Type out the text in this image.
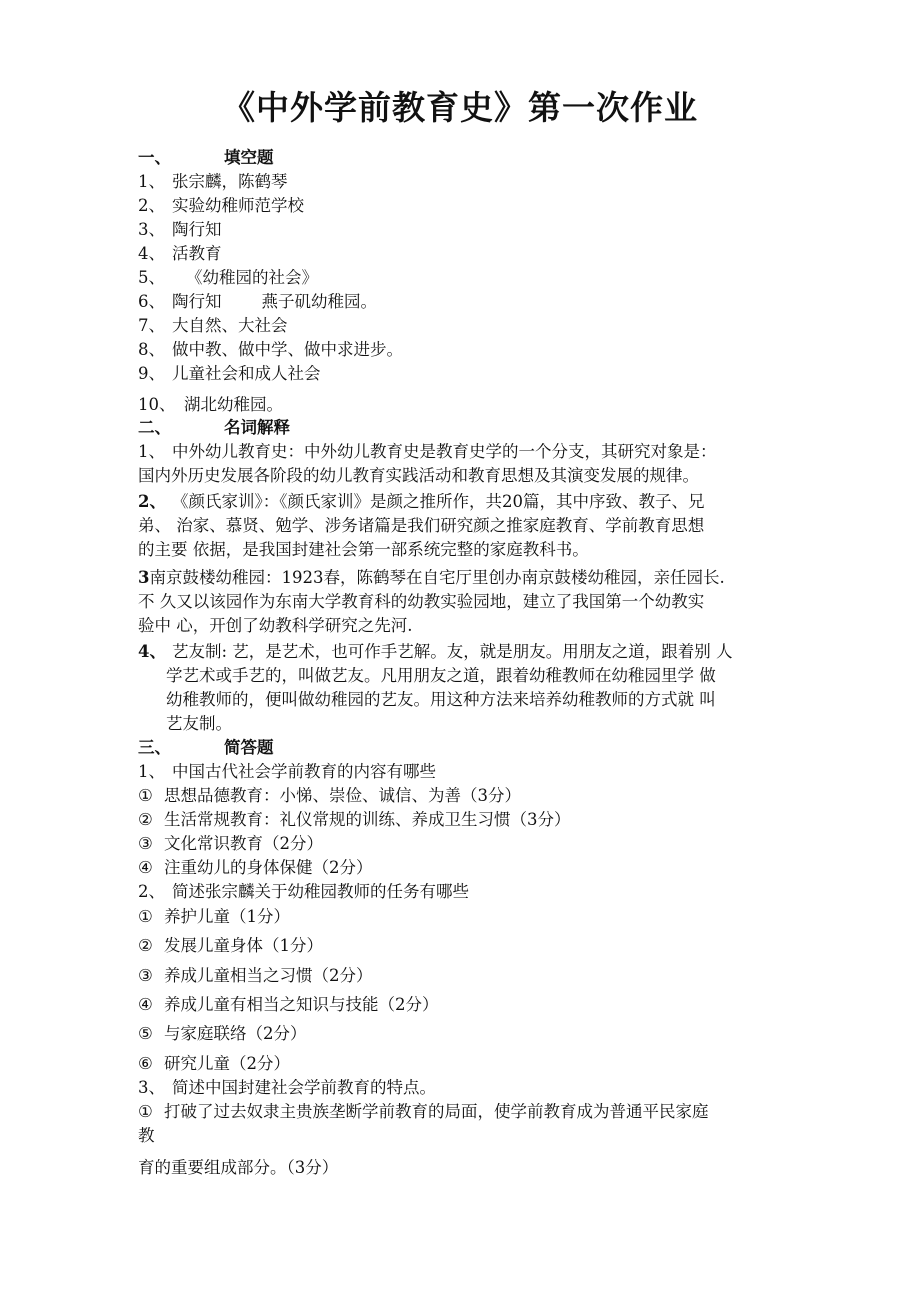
《中外学前教育史》第一次作业
一、	填空题
1、 张宗麟，陈鹤琴
2、 实验幼稚师范学校
3、 陶行知
4、 活教育
5、 《幼稚园的社会》
6、 陶行知 燕子矶幼稚园。
7、 大自然、大社会
8、 做中教、做中学、做中求进步。
9、 儿童社会和成人社会
10、 湖北幼稚园。
二、	名词解释
1、 中外幼儿教育史：中外幼儿教育史是教育史学的一个分支，其研究对象是：
国内外历史发展各阶段的幼儿教育实践活动和教育思想及其演变发展的规律。
2、 《颜氏家训》：《颜氏家训》是颜之推所作，共20篇，其中序致、教子、兄
弟、 治家、慕贤、勉学、涉务诸篇是我们研究颜之推家庭教育、学前教育思想
的主要 依据，是我国封建社会第一部系统完整的家庭教科书。
3南京鼓楼幼稚园：1923春，陈鹤琴在自宅厅里创办南京鼓楼幼稚园，亲任园长.
不 久又以该园作为东南大学教育科的幼教实验园地，建立了我国第一个幼教实
验中 心，开创了幼教科学研究之先河.
4、 艺友制: 艺，是艺术，也可作手艺解。友，就是朋友。用朋友之道，跟着别 人
学艺术或手艺的，叫做艺友。凡用朋友之道，跟着幼稚教师在幼稚园里学 做
幼稚教师的，便叫做幼稚园的艺友。用这种方法来培养幼稚教师的方式就 叫
艺友制。
三、	简答题
1、 中国古代社会学前教育的内容有哪些
① 思想品德教育：小悌、崇俭、诚信、为善（3分）
② 生活常规教育：礼仪常规的训练、养成卫生习惯（3分）
③ 文化常识教育（2分）
④ 注重幼儿的身体保健（2分）
2、 简述张宗麟关于幼稚园教师的任务有哪些
① 养护儿童（1分）
② 发展儿童身体（1分）
③ 养成儿童相当之习惯（2分）
④ 养成儿童有相当之知识与技能（2分）
⑤ 与家庭联络（2分）
⑥ 研究儿童（2分）
3、 简述中国封建社会学前教育的特点。
① 打破了过去奴隶主贵族垄断学前教育的局面，使学前教育成为普通平民家庭
教
育的重要组成部分。（3分）
